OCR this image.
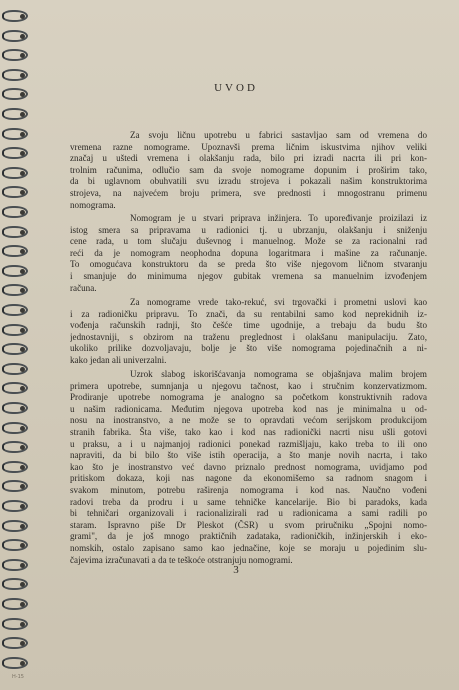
UVOD
Za svoju ličnu upotrebu u fabrici sastavljao sam od vremena do
vremena razne nomograme. Upoznavši prema ličnim iskustvima njihov veliki
značaj u uštedi vremena i olakšanju rada, bilo pri izradi nacrta ili pri kon-
trolnim računima, odlučio sam da svoje nomograme dopunim i proširim tako,
da bi uglavnom obuhvatili svu izradu strojeva i pokazali našim konstruktorima
strojeva, na najvećem broju primera, sve prednosti i mnogostranu primenu
nomograma.
Nomogram je u stvari priprava inžinjera. To upoređivanje proizilazi iz
istog smera sa pripravama u radionici tj. u ubrzanju, olakšanju i sniženju
cene rada, u tom slučaju duševnog i manuelnog. Može se za racionalni rad
reći da je nomogram neophodna dopuna logaritmara i mašine za računanje.
To omogućava konstruktoru da se preda što više njegovom ličnom stvaranju
i smanjuje do minimuma njegov gubitak vremena sa manuelnim izvođenjem
računa.
Za nomograme vrede tako-rekuć, svi trgovački i prometni uslovi kao
i za radioničku pripravu. To znači, da su rentabilni samo kod neprekidnih iz-
vođenja računskih radnji, što češće time ugodnije, a trebaju da budu što
jednostavniji, s obzirom na traženu preglednost i olakšanu manipulaciju. Zato,
ukoliko prilike dozvoljavaju, bolje je što više nomograma pojedinačnih a ni-
kako jedan ali univerzalni.
Uzrok slabog iskorišćavanja nomograma se objašnjava malim brojem
primera upotrebe, sumnjanja u njegovu tačnost, kao i stručnim konzervatizmom.
Prodiranje upotrebe nomograma je analogno sa početkom konstruktivnih radova
u našim radionicama. Međutim njegova upotreba kod nas je minimalna u od-
nosu na inostranstvo, a ne može se to opravdati većom serijskom produkcijom
stranih fabrika. Šta više, tako kao i kod nas radionički nacrti nisu ušli gotovi
u praksu, a i u najmanjoj radionici ponekad razmišljaju, kako treba to ili ono
napraviti, da bi bilo što više istih operacija, a što manje novih nacrta, i tako
kao što je inostranstvo već davno priznalo prednost nomograma, uvidjamo pod
pritiskom dokaza, koji nas nagone da ekonomišemo sa radnom snagom i
svakom minutom, potrebu raširenja nomograma i kod nas. Naučno vođeni
radovi treba da prodru i u same tehničke kancelarije. Bio bi paradoks, kada
bi tehničari organizovali i racionalizirali rad u radionicama a sami radili po
staram. Ispravno piše Dr Pleskot (ČSR) u svom priručniku „Spojni nomo-
grami", da je još mnogo praktičnih zadataka, radioničkih, inžinjerskih i eko-
nomskih, ostalo zapisano samo kao jednačine, koje se moraju u pojedinim slu-
čajevima izračunavati a da te teškoće otstranjuju nomogrami.
3
H-15
